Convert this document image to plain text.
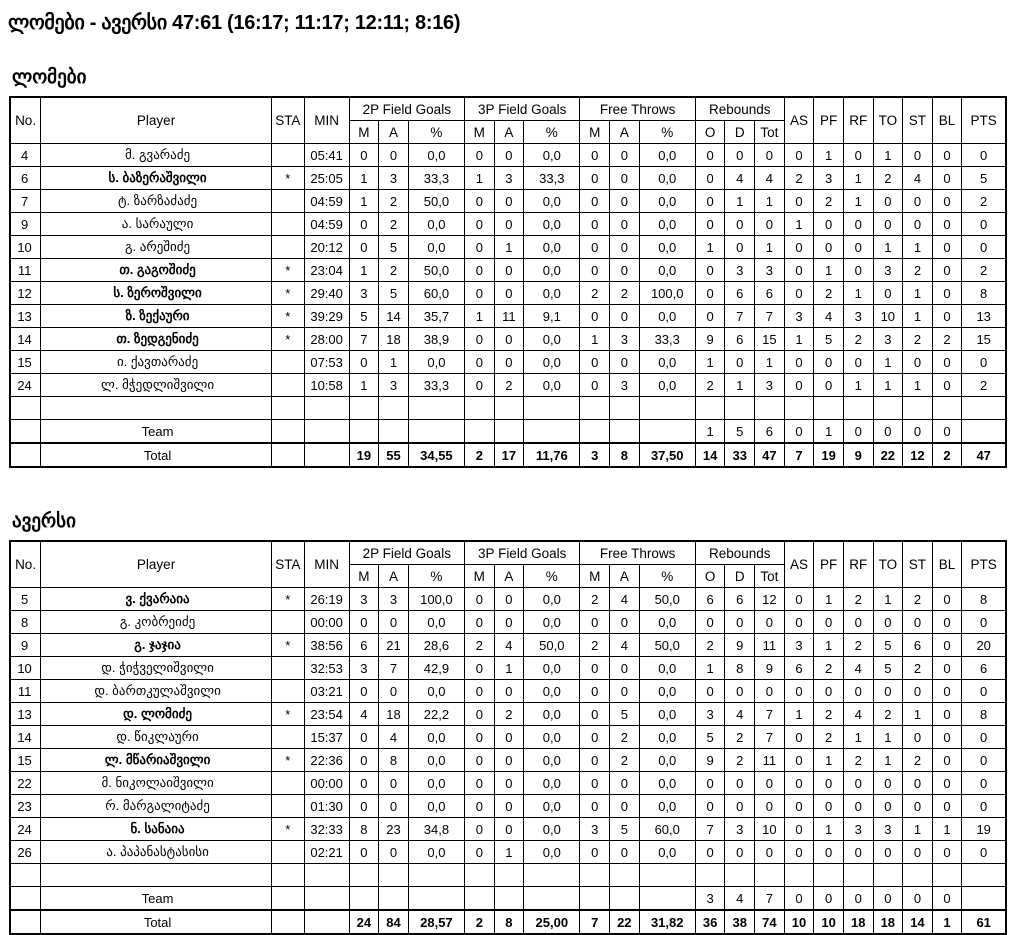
ლომები - ავერსი 47:61 (16:17; 11:17; 12:11; 8:16)
ლომები
No.	Player	STA	MIN	2P Field Goals			3P Field Goals			Free Throws			Rebounds			AS	PF	RF	TO	ST	BL	PTS
				M	A	%	M	A	%	M	A	%	O	D	Tot							
4	მ. გვარაძე		05:41	0	0	0,0	0	0	0,0	0	0	0,0	0	0	0	0	1	0	1	0	0	0
6	ს. ბაზერაშვილი	*	25:05	1	3	33,3	1	3	33,3	0	0	0,0	0	4	4	2	3	1	2	4	0	5
7	ტ. ზარზაძაძე		04:59	1	2	50,0	0	0	0,0	0	0	0,0	0	1	1	0	2	1	0	0	0	2
9	ა. სარაული		04:59	0	2	0,0	0	0	0,0	0	0	0,0	0	0	0	1	0	0	0	0	0	0
10	გ. არეშიძე		20:12	0	5	0,0	0	1	0,0	0	0	0,0	1	0	1	0	0	0	1	1	0	0
11	თ. გაგოშიძე	*	23:04	1	2	50,0	0	0	0,0	0	0	0,0	0	3	3	0	1	0	3	2	0	2
12	ს. ზეროშვილი	*	29:40	3	5	60,0	0	0	0,0	2	2	100,0	0	6	6	0	2	1	0	1	0	8
13	ზ. ზექაური	*	39:29	5	14	35,7	1	11	9,1	0	0	0,0	0	7	7	3	4	3	10	1	0	13
14	თ. ზედგენიძე	*	28:00	7	18	38,9	0	0	0,0	1	3	33,3	9	6	15	1	5	2	3	2	2	15
15	ი. ქავთარაძე		07:53	0	1	0,0	0	0	0,0	0	0	0,0	1	0	1	0	0	0	1	0	0	0
24	ლ. მჭედლიშვილი		10:58	1	3	33,3	0	2	0,0	0	3	0,0	2	1	3	0	0	1	1	1	0	2

	Team												1	5	6	0	1	0	0	0	0	
	Total			19	55	34,55	2	17	11,76	3	8	37,50	14	33	47	7	19	9	22	12	2	47
ავერსი
No.	Player	STA	MIN	2P Field Goals			3P Field Goals			Free Throws			Rebounds			AS	PF	RF	TO	ST	BL	PTS
				M	A	%	M	A	%	M	A	%	O	D	Tot							
5	ვ. ქვარაია	*	26:19	3	3	100,0	0	0	0,0	2	4	50,0	6	6	12	0	1	2	1	2	0	8
8	გ. კობრეიძე		00:00	0	0	0,0	0	0	0,0	0	0	0,0	0	0	0	0	0	0	0	0	0	0
9	გ. ჯაჯია	*	38:56	6	21	28,6	2	4	50,0	2	4	50,0	2	9	11	3	1	2	5	6	0	20
10	დ. ჭიჭველიშვილი		32:53	3	7	42,9	0	1	0,0	0	0	0,0	1	8	9	6	2	4	5	2	0	6
11	დ. ბართკულაშვილი		03:21	0	0	0,0	0	0	0,0	0	0	0,0	0	0	0	0	0	0	0	0	0	0
13	დ. ლომიძე	*	23:54	4	18	22,2	0	2	0,0	0	5	0,0	3	4	7	1	2	4	2	1	0	8
14	დ. წიკლაური		15:37	0	4	0,0	0	0	0,0	0	2	0,0	5	2	7	0	2	1	1	0	0	0
15	ლ. მწარიაშვილი	*	22:36	0	8	0,0	0	0	0,0	0	2	0,0	9	2	11	0	1	2	1	2	0	0
22	მ. ნიკოლაიშვილი		00:00	0	0	0,0	0	0	0,0	0	0	0,0	0	0	0	0	0	0	0	0	0	0
23	რ. მარგალიტაძე		01:30	0	0	0,0	0	0	0,0	0	0	0,0	0	0	0	0	0	0	0	0	0	0
24	ნ. სანაია	*	32:33	8	23	34,8	0	0	0,0	3	5	60,0	7	3	10	0	1	3	3	1	1	19
26	ა. პაპანასტასისი		02:21	0	0	0,0	0	1	0,0	0	0	0,0	0	0	0	0	0	0	0	0	0	0

	Team												3	4	7	0	0	0	0	0	0	
	Total			24	84	28,57	2	8	25,00	7	22	31,82	36	38	74	10	10	18	18	14	1	61
